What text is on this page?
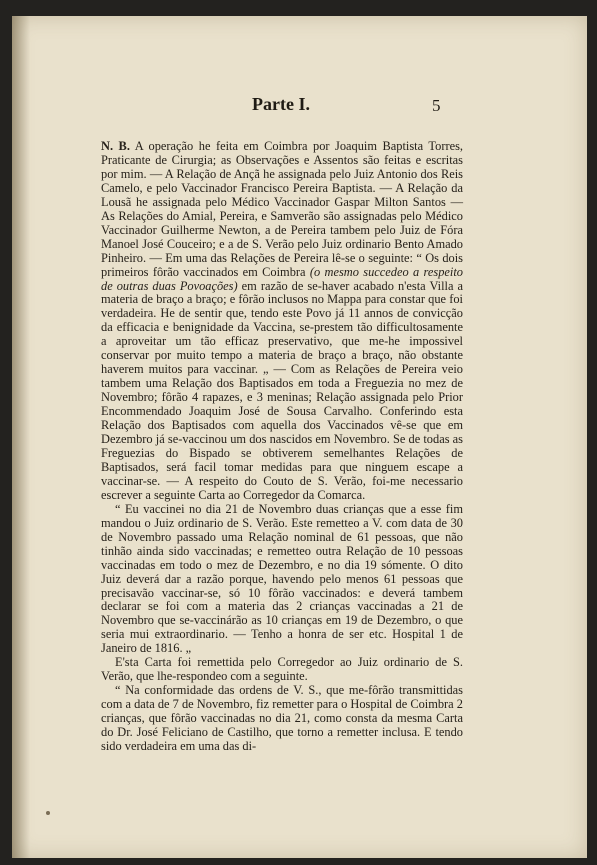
Parte I.	5

N. B. A operação he feita em Coimbra por Joaquim Baptista Torres, Praticante de Cirurgia; as Observações e Assentos são feitas e escritas por mim. — A Relação de Ançã he assignada pelo Juiz Antonio dos Reis Camelo, e pelo Vaccinador Francisco Pereira Baptista. — A Relação da Lousã he assignada pelo Médico Vaccinador Gaspar Milton Santos — As Relações do Amial, Pereira, e Samverão são assignadas pelo Médico Vaccinador Guilherme Newton, a de Pereira tambem pelo Juiz de Fóra Manoel José Couceiro; e a de S. Verão pelo Juiz ordinario Bento Amado Pinheiro. — Em uma das Relações de Pereira lê-se o seguinte: “ Os dois primeiros fôrão vaccinados em Coimbra (o mesmo succedeo a respeito de outras duas Povoações) em razão de se-haver acabado n'esta Villa a materia de braço a braço; e fôrão inclusos no Mappa para constar que foi verdadeira. He de sentir que, tendo este Povo já 11 annos de convicção da efficacia e benignidade da Vaccina, se-prestem tão difficultosamente a aproveitar um tão efficaz preservativo, que me-he impossivel conservar por muito tempo a materia de braço a braço, não obstante haverem muitos para vaccinar. „ — Com as Relações de Pereira veio tambem uma Relação dos Baptisados em toda a Freguezia no mez de Novembro; fôrão 4 rapazes, e 3 meninas; Relação assignada pelo Prior Encommendado Joaquim José de Sousa Carvalho. Conferindo esta Relação dos Baptisados com aquella dos Vaccinados vê-se que em Dezembro já se-vaccinou um dos nascidos em Novembro. Se de todas as Freguezias do Bispado se obtiverem semelhantes Relações de Baptisados, será facil tomar medidas para que ninguem escape a vaccinar-se. — A respeito do Couto de S. Verão, foi-me necessario escrever a seguinte Carta ao Corregedor da Comarca.

“ Eu vaccinei no dia 21 de Novembro duas crianças que a esse fim mandou o Juiz ordinario de S. Verão. Este remetteo a V. com data de 30 de Novembro passado uma Relação nominal de 61 pessoas, que não tinhão ainda sido vaccinadas; e remetteo outra Relação de 10 pessoas vaccinadas em todo o mez de Dezembro, e no dia 19 sómente. O dito Juiz deverá dar a razão porque, havendo pelo menos 61 pessoas que precisavão vaccinar-se, só 10 fôrão vaccinados: e deverá tambem declarar se foi com a materia das 2 crianças vaccinadas a 21 de Novembro que se-vaccinárão as 10 crianças em 19 de Dezembro, o que seria mui extraordinario. — Tenho a honra de ser etc. Hospital 1 de Janeiro de 1816. „

E'sta Carta foi remettida pelo Corregedor ao Juiz ordinario de S. Verão, que lhe-respondeo com a seguinte.

“ Na conformidade das ordens de V. S., que me-fôrão transmittidas com a data de 7 de Novembro, fiz remetter para o Hospital de Coimbra 2 crianças, que fôrão vaccinadas no dia 21, como consta da mesma Carta do Dr. José Feliciano de Castilho, que torno a remetter inclusa. E tendo sido verdadeira em uma das di-
